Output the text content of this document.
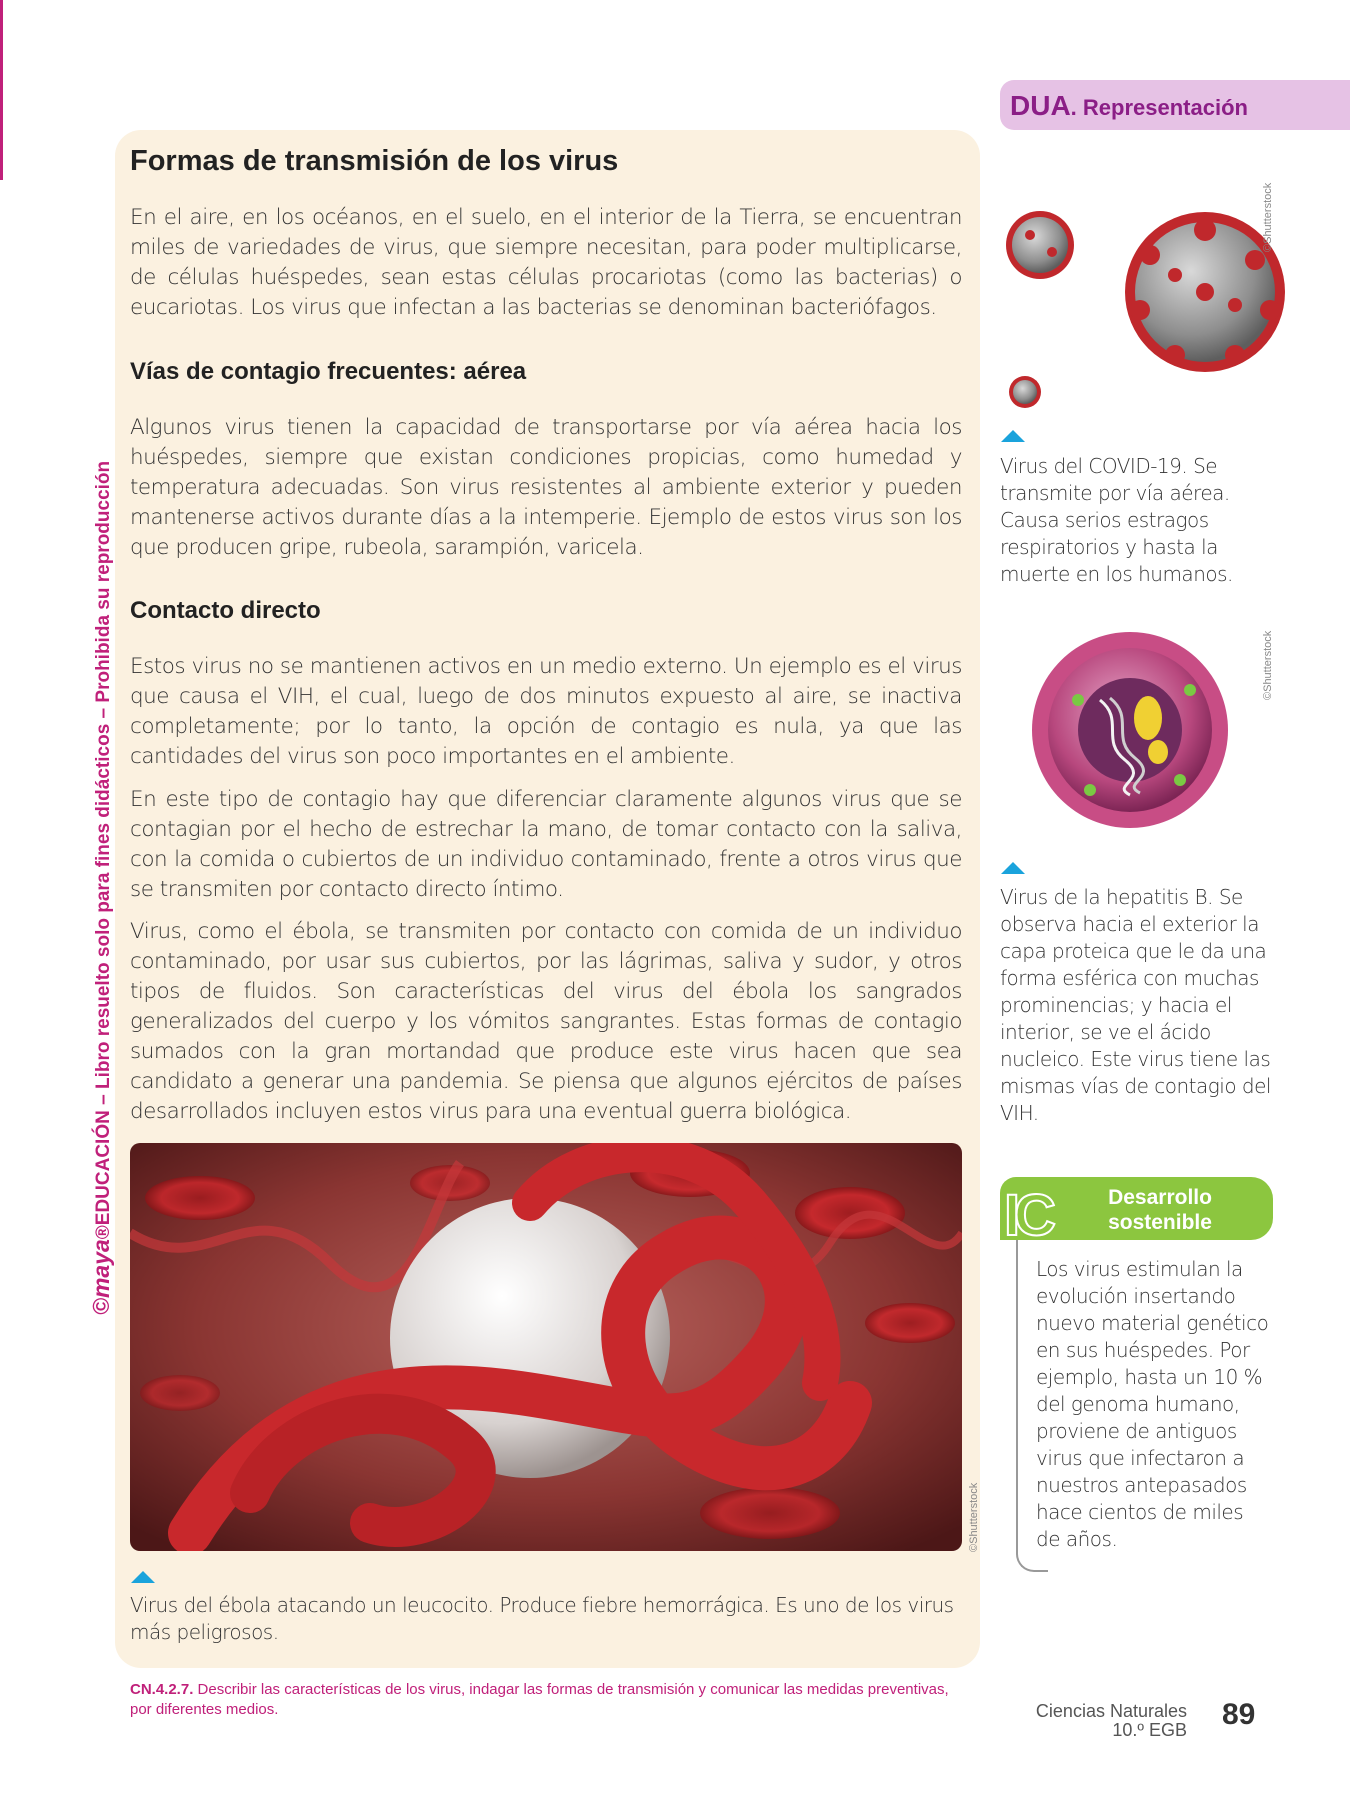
©maya®EDUCACIÓN – Libro resuelto solo para fines didácticos – Prohibida su reproducción
Formas de transmisión de los virus
En el aire, en los océanos, en el suelo, en el interior de la Tierra, se encuentran miles de variedades de virus, que siempre necesitan, para poder multiplicarse, de células huéspedes, sean estas células procariotas (como las bacterias) o eucariotas. Los virus que infectan a las bacterias se denominan bacteriófagos.
Vías de contagio frecuentes: aérea
Algunos virus tienen la capacidad de transportarse por vía aérea hacia los huéspedes, siempre que existan condiciones propicias, como humedad y temperatura adecuadas. Son virus resistentes al ambiente exterior y pueden mantenerse activos durante días a la intemperie. Ejemplo de estos virus son los que producen gripe, rubeola, sarampión, varicela.
Contacto directo
Estos virus no se mantienen activos en un medio externo. Un ejemplo es el virus que causa el VIH, el cual, luego de dos minutos expuesto al aire, se inactiva completamente; por lo tanto, la opción de contagio es nula, ya que las cantidades del virus son poco importantes en el ambiente.
En este tipo de contagio hay que diferenciar claramente algunos virus que se contagian por el hecho de estrechar la mano, de tomar contacto con la saliva, con la comida o cubiertos de un individuo contaminado, frente a otros virus que se transmiten por contacto directo íntimo.
Virus, como el ébola, se transmiten por contacto con comida de un individuo contaminado, por usar sus cubiertos, por las lágrimas, saliva y sudor, y otros tipos de fluidos. Son características del virus del ébola los sangrados generalizados del cuerpo y los vómitos sangrantes. Estas formas de contagio sumados con la gran mortandad que produce este virus hacen que sea candidato a generar una pandemia. Se piensa que algunos ejércitos de países desarrollados incluyen estos virus para una eventual guerra biológica.
©Shutterstock
Virus del ébola atacando un leucocito. Produce fiebre hemorrágica. Es uno de los virus más peligrosos.
DUA. Representación
©Shutterstock
Virus del COVID-19. Se transmite por vía aérea. Causa serios estragos respiratorios y hasta la muerte en los humanos.
©Shutterstock
Virus de la hepatitis B. Se observa hacia el exterior la capa proteica que le da una forma esférica con muchas prominencias; y hacia el interior, se ve el ácido nucleico. Este virus tiene las mismas vías de contagio del VIH.
IC	Desarrollo sostenible
Los virus estimulan la evolución insertando nuevo material genético en sus huéspedes. Por ejemplo, hasta un 10 % del genoma humano, proviene de antiguos virus que infectaron a nuestros antepasados hace cientos de miles de años.
CN.4.2.7. Describir las características de los virus, indagar las formas de transmisión y comunicar las medidas preventivas, por diferentes medios.	Ciencias Naturales
10.º EGB 89
